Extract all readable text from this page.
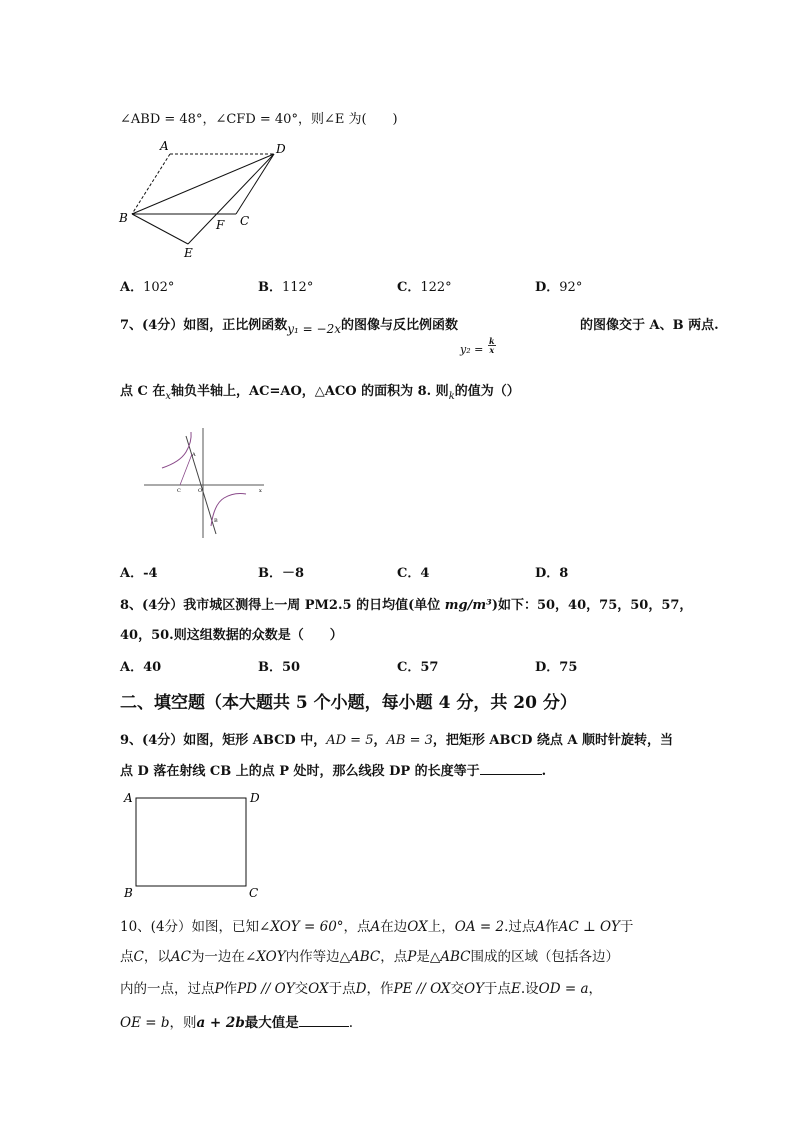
∠ABD = 48°，∠CFD = 40°，则∠E 为(　　)
A	D
B	C
F
E
A．102°	B．112°	C．122°	D．92°
7、(4分）如图，正比例函数y₁ = −2x的图像与反比例函数
$y_2 = \frac{k}{x}$
的图像交于 A、B 两点.
点 C 在$_x$轴负半轴上，AC=AO，△ACO 的面积为 8. 则$_k$的值为（）
A
C	O
B
x
A．-4	B．－8	C．4	D．8
8、(4分）我市城区测得上一周 PM2.5 的日均值(单位 mg/m³)如下：50，40，75，50，57，
40，50.则这组数据的众数是（　　）
A．40	B．50	C．57	D．75
二、填空题（本大题共 5 个小题，每小题 4 分，共 20 分）
9、(4分）如图，矩形 ABCD 中，AD = 5，AB = 3，把矩形 ABCD 绕点 A 顺时针旋转，当
点 D 落在射线 CB 上的点 P 处时，那么线段 DP 的长度等于	.
A	D
B	C
10、(4分）如图，已知∠XOY = 60°，点A在边OX上，OA = 2.过点A作AC ⊥ OY于
点C，以AC为一边在∠XOY内作等边△ABC，点P是△ABC围成的区域（包括各边）
内的一点，过点P作PD // OY交OX于点D，作PE // OX交OY于点E.设OD = a，
OE = b，则a + 2b最大值是	.
